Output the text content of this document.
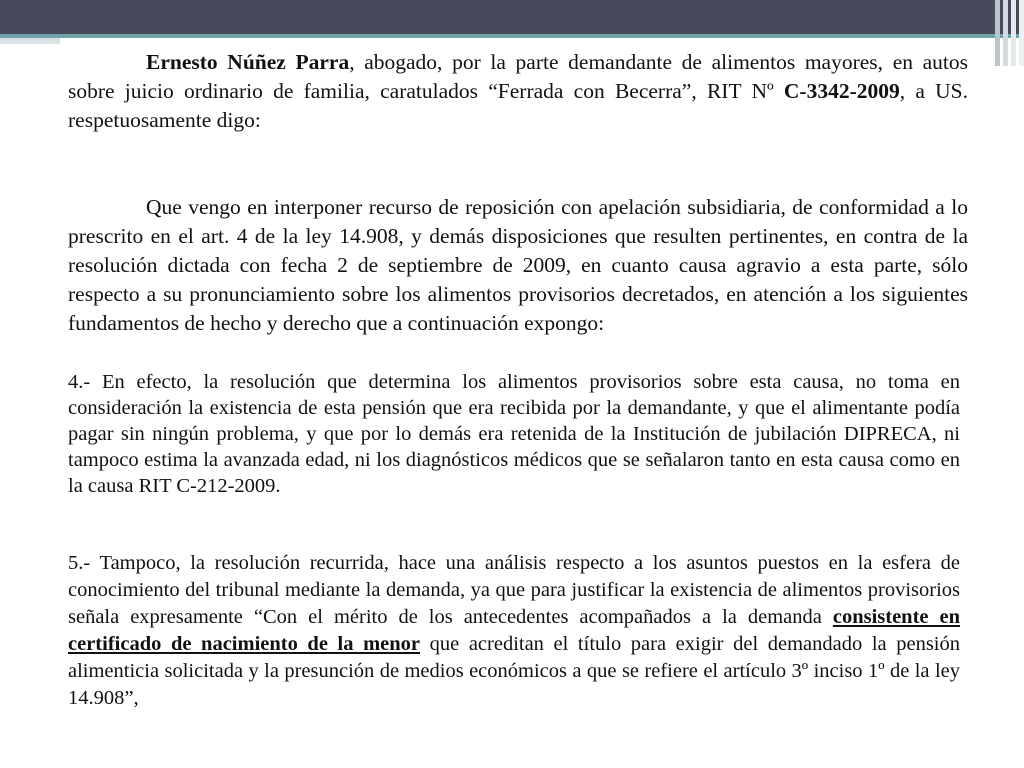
Ernesto Núñez Parra, abogado, por la parte demandante de alimentos mayores, en autos sobre juicio ordinario de familia, caratulados “Ferrada con Becerra”, RIT Nº C-3342-2009, a US. respetuosamente digo:

Que vengo en interponer recurso de reposición con apelación subsidiaria, de conformidad a lo prescrito en el art. 4 de la ley 14.908, y demás disposiciones que resulten pertinentes, en contra de la resolución dictada con fecha 2 de septiembre de 2009, en cuanto causa agravio a esta parte, sólo respecto a su pronunciamiento sobre los alimentos provisorios decretados, en atención a los siguientes fundamentos de hecho y derecho que a continuación expongo:

4.- En efecto, la resolución que determina los alimentos provisorios sobre esta causa, no toma en consideración la existencia de esta pensión que era recibida por la demandante, y que el alimentante podía pagar sin ningún problema, y que por lo demás era retenida de la Institución de jubilación DIPRECA, ni tampoco estima la avanzada edad, ni los diagnósticos médicos que se señalaron tanto en esta causa como en la causa RIT C-212-2009.

5.- Tampoco, la resolución recurrida, hace una análisis respecto a los asuntos puestos en la esfera de conocimiento del tribunal mediante la demanda, ya que para justificar la existencia de alimentos provisorios señala expresamente “Con el mérito de los antecedentes acompañados a la demanda consistente en certificado de nacimiento de la menor que acreditan el título para exigir del demandado la pensión alimenticia solicitada y la presunción de medios económicos a que se refiere el artículo 3º inciso 1º de la ley 14.908”,
